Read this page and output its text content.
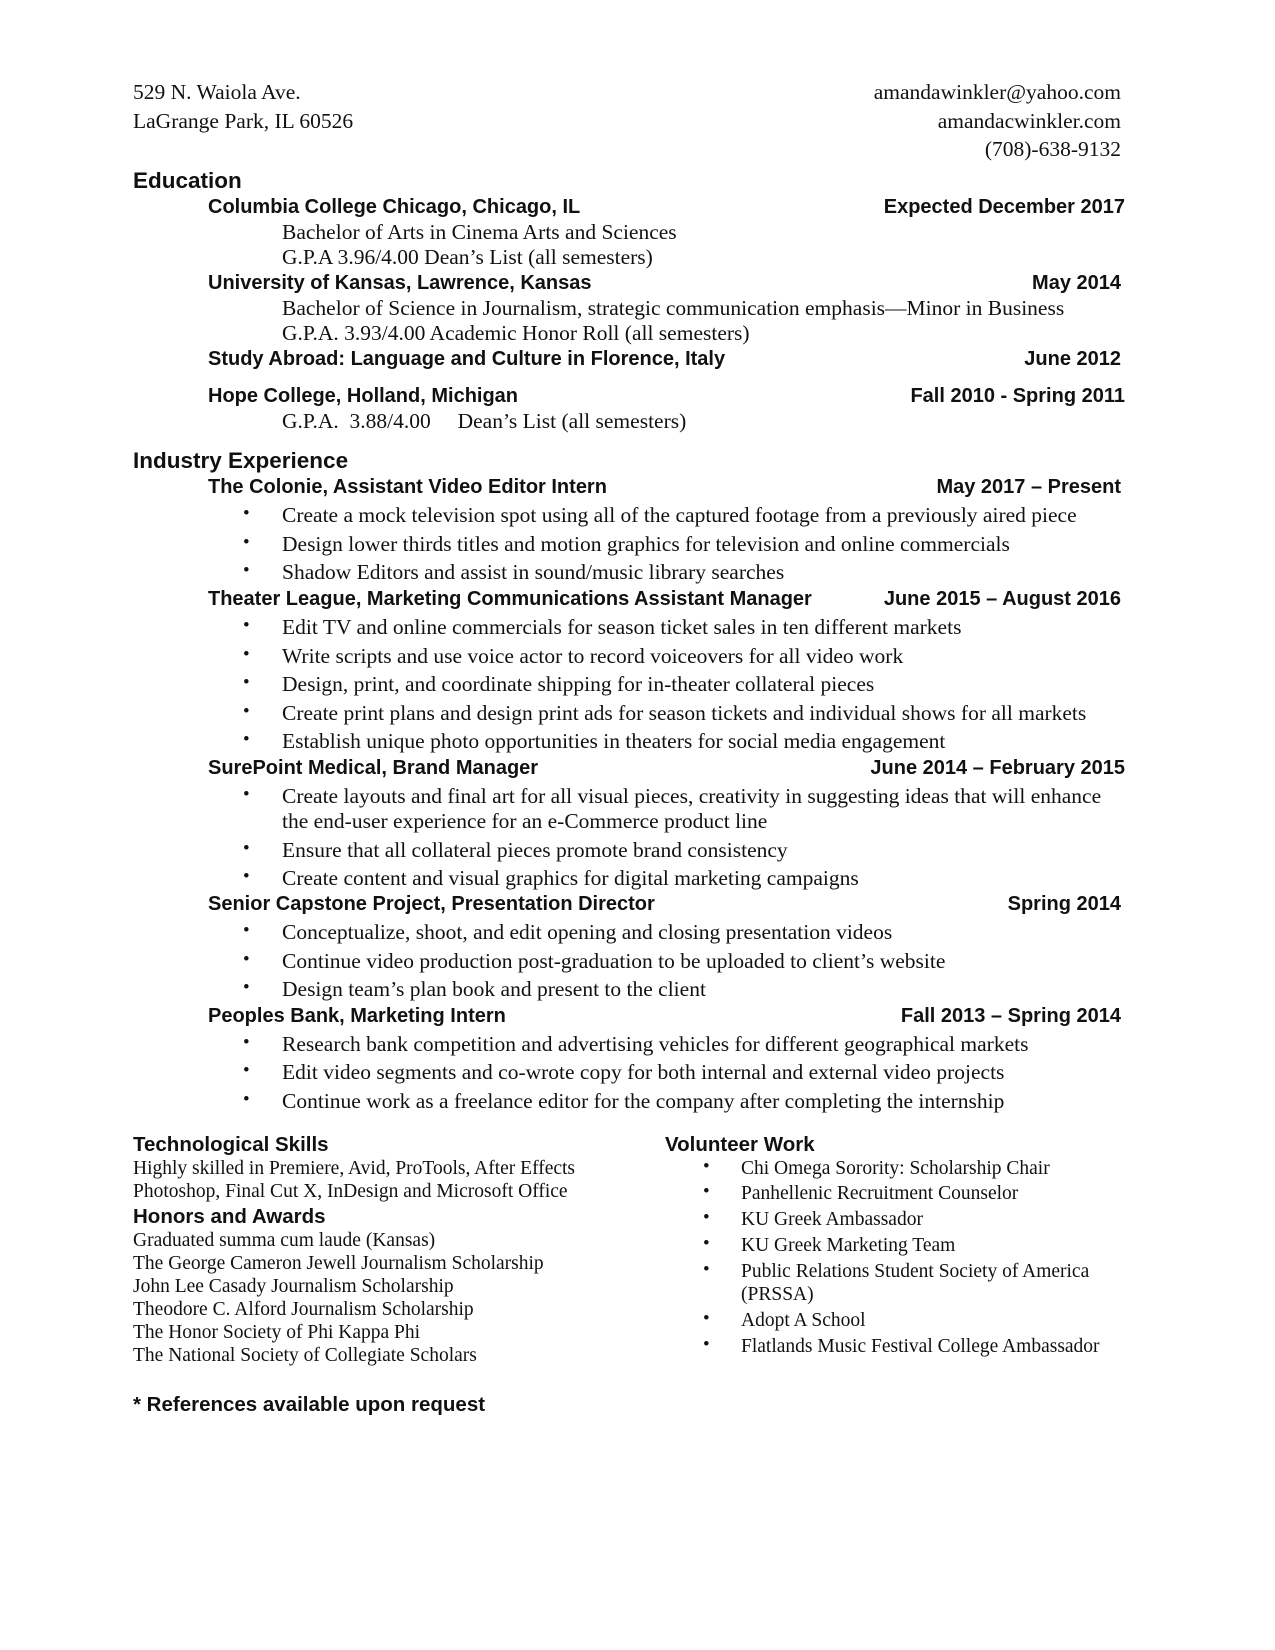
529 N. Waiola Ave.
LaGrange Park, IL 60526
amandawinkler@yahoo.com
amandacwinkler.com
(708)-638-9132
Education
Columbia College Chicago, Chicago, IL	Expected December 2017
Bachelor of Arts in Cinema Arts and Sciences
G.P.A 3.96/4.00 Dean’s List (all semesters)
University of Kansas, Lawrence, Kansas	May 2014
Bachelor of Science in Journalism, strategic communication emphasis—Minor in Business
G.P.A. 3.93/4.00 Academic Honor Roll (all semesters)
Study Abroad: Language and Culture in Florence, Italy	June 2012
Hope College, Holland, Michigan	Fall 2010 - Spring 2011
G.P.A.  3.88/4.00     Dean’s List (all semesters)
Industry Experience
The Colonie, Assistant Video Editor Intern	May 2017 – Present
Theater League, Marketing Communications Assistant Manager	June 2015 – August 2016
SurePoint Medical, Brand Manager	June 2014 – February 2015
Senior Capstone Project, Presentation Director	Spring 2014
Peoples Bank, Marketing Intern	Fall 2013 – Spring 2014
• Create a mock television spot using all of the captured footage from a previously aired piece
• Design lower thirds titles and motion graphics for television and online commercials
• Shadow Editors and assist in sound/music library searches
• Edit TV and online commercials for season ticket sales in ten different markets
• Write scripts and use voice actor to record voiceovers for all video work
• Design, print, and coordinate shipping for in-theater collateral pieces
• Create print plans and design print ads for season tickets and individual shows for all markets
• Establish unique photo opportunities in theaters for social media engagement
• Create layouts and final art for all visual pieces, creativity in suggesting ideas that will enhance
the end-user experience for an e-Commerce product line
• Ensure that all collateral pieces promote brand consistency
• Create content and visual graphics for digital marketing campaigns
• Conceptualize, shoot, and edit opening and closing presentation videos
• Continue video production post-graduation to be uploaded to client’s website
• Design team’s plan book and present to the client
• Research bank competition and advertising vehicles for different geographical markets
• Edit video segments and co-wrote copy for both internal and external video projects
• Continue work as a freelance editor for the company after completing the internship
Technological Skills
Highly skilled in Premiere, Avid, ProTools, After Effects
Photoshop, Final Cut X, InDesign and Microsoft Office
Honors and Awards
Graduated summa cum laude (Kansas)
The George Cameron Jewell Journalism Scholarship
John Lee Casady Journalism Scholarship
Theodore C. Alford Journalism Scholarship
The Honor Society of Phi Kappa Phi
The National Society of Collegiate Scholars
Volunteer Work
• Chi Omega Sorority: Scholarship Chair
• Panhellenic Recruitment Counselor
• KU Greek Ambassador
• KU Greek Marketing Team
• Public Relations Student Society of America
(PRSSA)
• Adopt A School
• Flatlands Music Festival College Ambassador
* References available upon request
